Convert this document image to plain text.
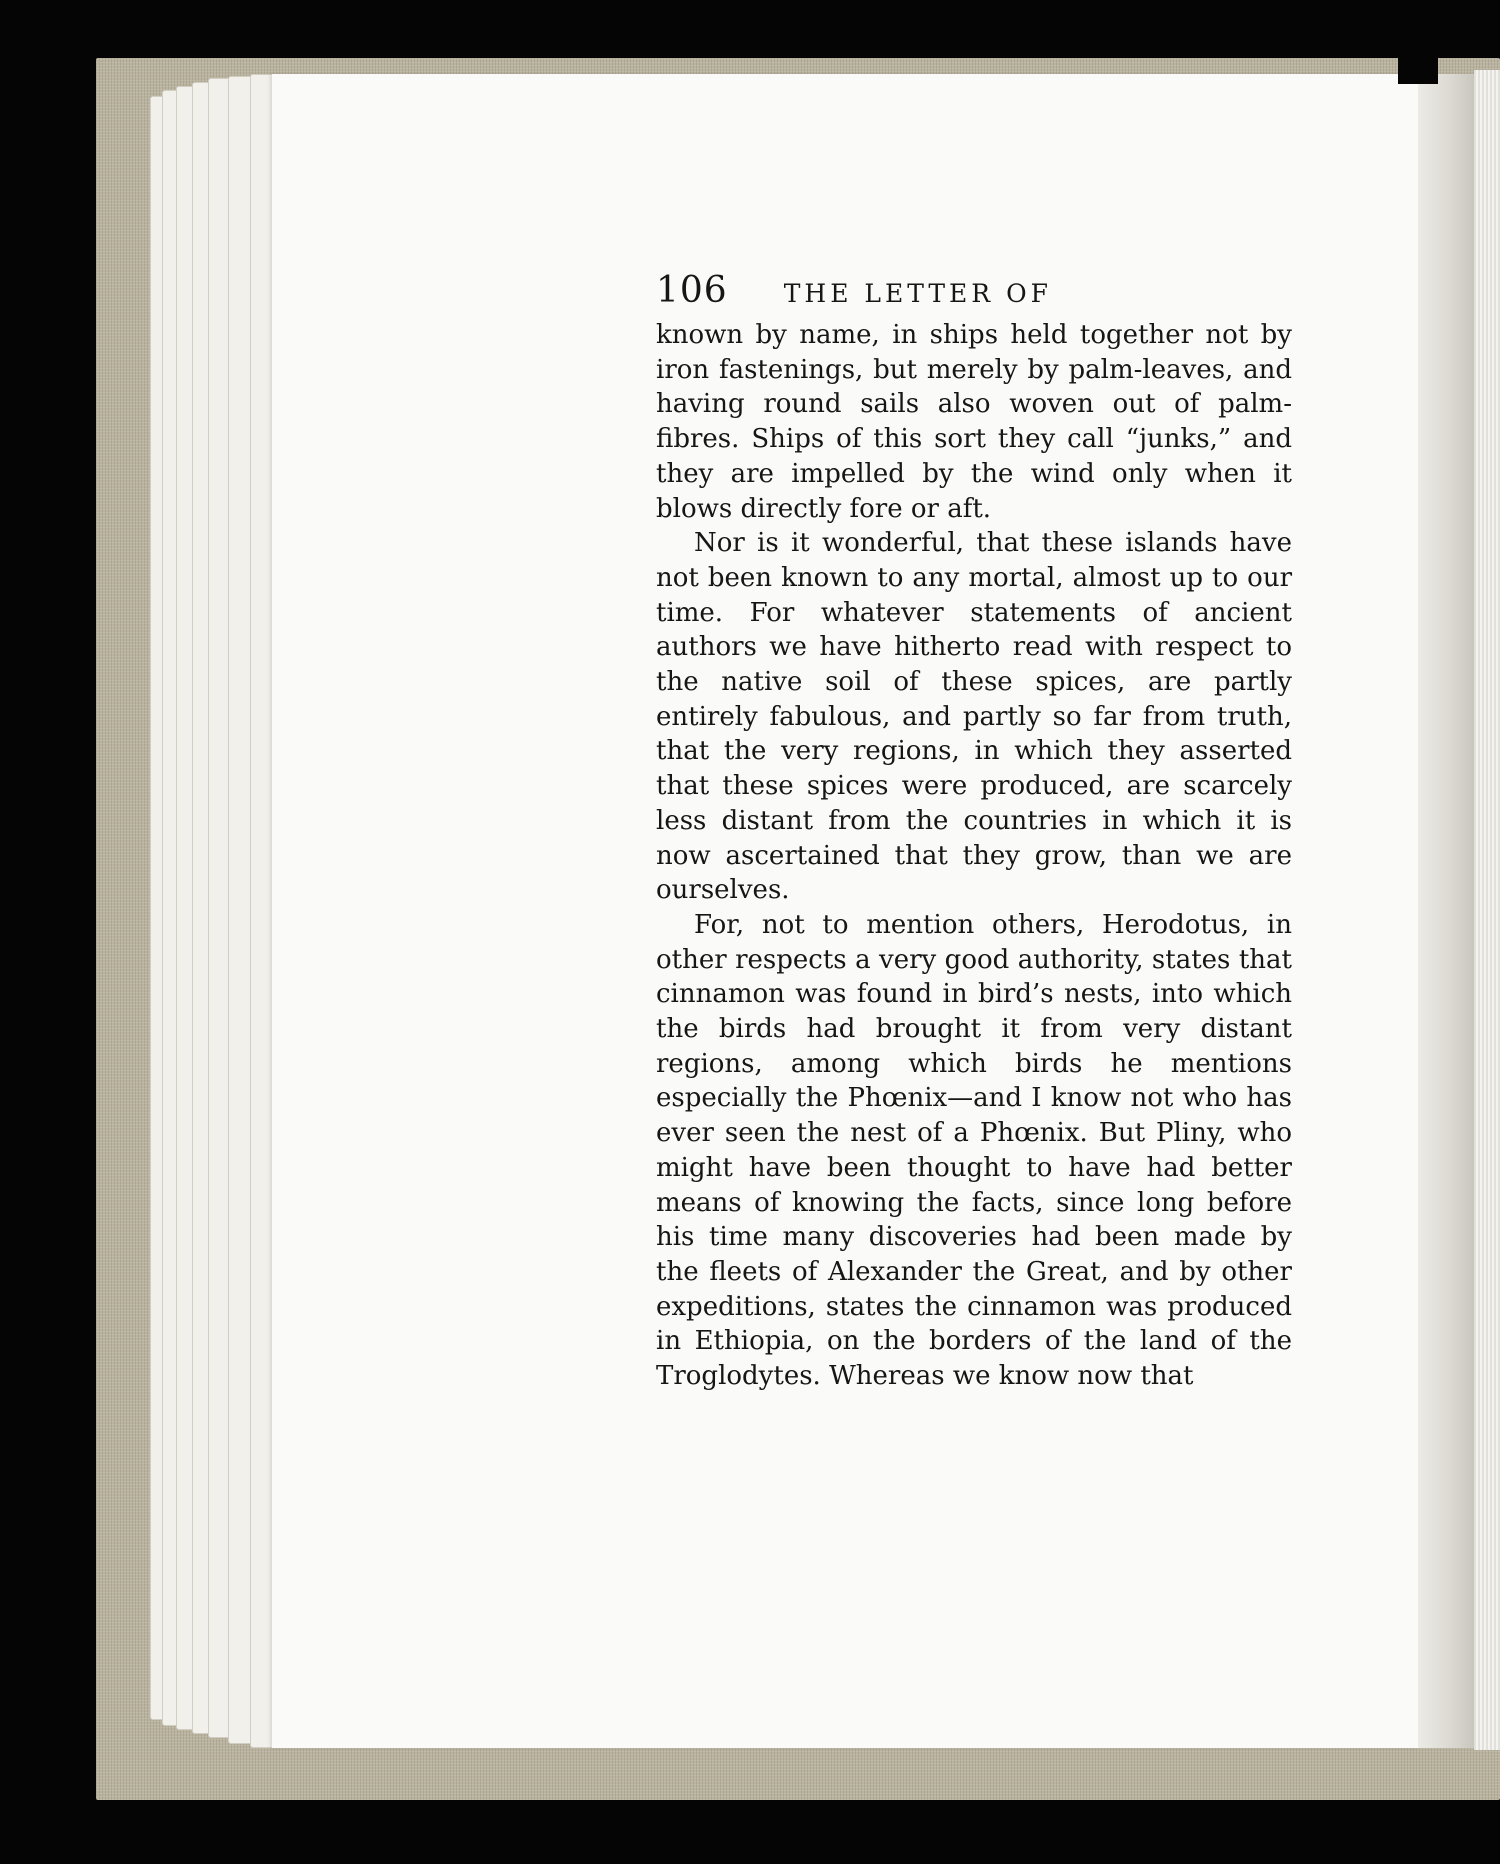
106 THE LETTER OF

known by name, in ships held together not by iron fastenings, but merely by palm-leaves, and having round sails also woven out of palm-fibres. Ships of this sort they call “junks,” and they are impelled by the wind only when it blows directly fore or aft.

Nor is it wonderful, that these islands have not been known to any mortal, almost up to our time. For whatever statements of ancient authors we have hitherto read with respect to the native soil of these spices, are partly entirely fabulous, and partly so far from truth, that the very regions, in which they asserted that these spices were produced, are scarcely less distant from the countries in which it is now ascertained that they grow, than we are ourselves.

For, not to mention others, Herodotus, in other respects a very good authority, states that cinnamon was found in bird’s nests, into which the birds had brought it from very distant regions, among which birds he mentions especially the Phœnix—and I know not who has ever seen the nest of a Phœnix. But Pliny, who might have been thought to have had better means of knowing the facts, since long before his time many discoveries had been made by the fleets of Alexander the Great, and by other expeditions, states the cinnamon was produced in Ethiopia, on the borders of the land of the Troglodytes. Whereas we know now that
